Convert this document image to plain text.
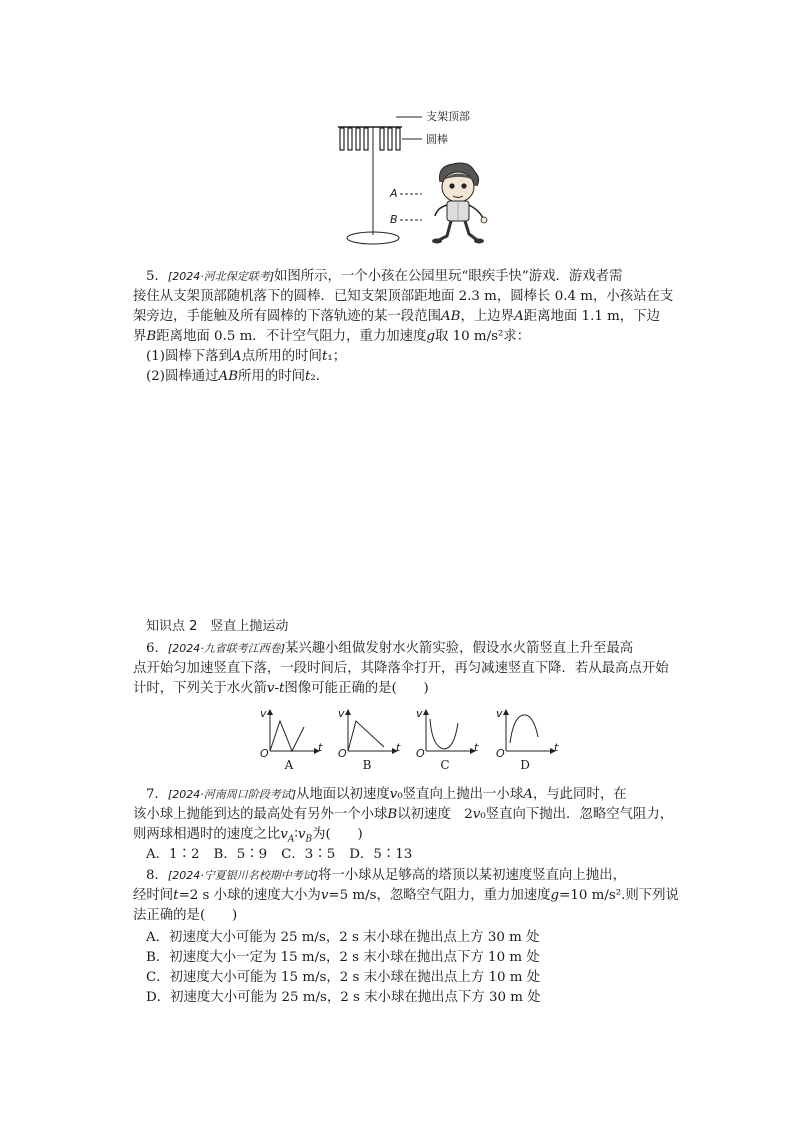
支架顶部
圆棒
A
B
5．[2024·河北保定联考]如图所示，一个小孩在公园里玩“眼疾手快”游戏．游戏者需
接住从支架顶部随机落下的圆棒．已知支架顶部距地面 2.3 m，圆棒长 0.4 m，小孩站在支
架旁边，手能触及所有圆棒的下落轨迹的某一段范围AB，上边界A距离地面 1.1 m，下边
界B距离地面 0.5 m．不计空气阻力，重力加速度g取 10 m/s²求：
(1)圆棒下落到A点所用的时间t₁；
(2)圆棒通过AB所用的时间t₂.
知识点 2　竖直上抛运动
6．[2024·九省联考江西卷]某兴趣小组做发射水火箭实验，假设水火箭竖直上升至最高
点开始匀加速竖直下落，一段时间后，其降落伞打开，再匀减速竖直下降．若从最高点开始
计时，下列关于水火箭v-t图像可能正确的是(　　)
v
O	t
A
v
O	t
B
v
O	t
C
v
O	t
D
7．[2024·河南周口阶段考试]从地面以初速度v₀竖直向上抛出一小球A，与此同时，在
该小球上抛能到达的最高处有另外一个小球B以初速度　2v₀竖直向下抛出．忽略空气阻力，
则两球相遇时的速度之比$v_A∶v_B$为(　　)
A．1∶2 B．5∶9 C．3∶5 D．5∶13
8．[2024·宁夏银川名校期中考试]将一小球从足够高的塔顶以某初速度竖直向上抛出，
经时间t=2 s 小球的速度大小为v=5 m/s，忽略空气阻力，重力加速度g=10 m/s².则下列说
法正确的是(　　)
A．初速度大小可能为 25 m/s，2 s 末小球在抛出点上方 30 m 处
B．初速度大小一定为 15 m/s，2 s 末小球在抛出点下方 10 m 处
C．初速度大小可能为 15 m/s，2 s 末小球在抛出点上方 10 m 处
D．初速度大小可能为 25 m/s，2 s 末小球在抛出点下方 30 m 处
